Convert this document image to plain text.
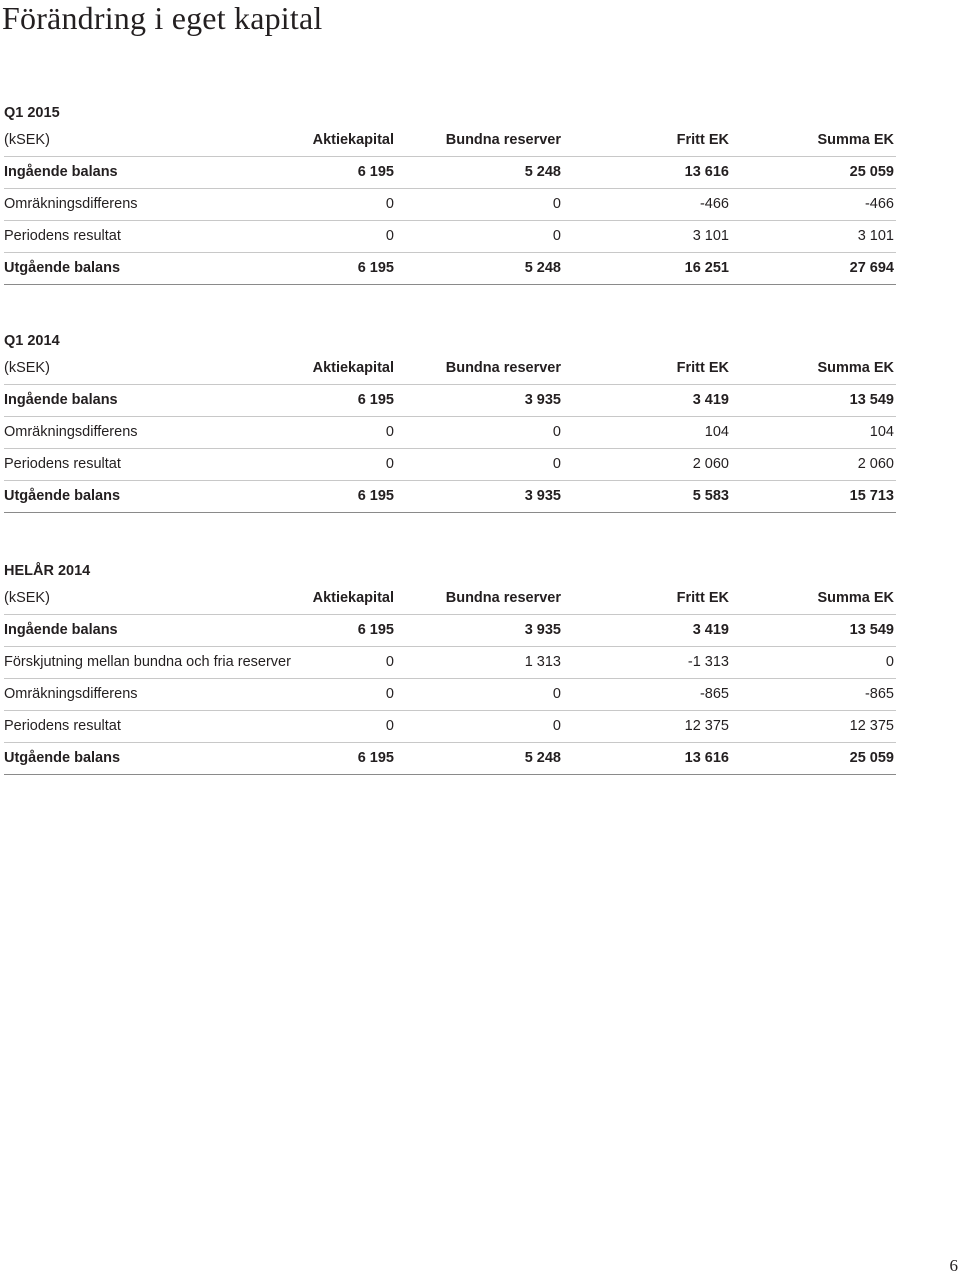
Förändring i eget kapital
Q1 2015
(kSEK)	Aktiekapital	Bundna reserver	Fritt EK	Summa EK
Ingående balans	6 195	5 248	13 616	25 059
Omräkningsdifferens	0	0	-466	-466
Periodens resultat	0	0	3 101	3 101
Utgående balans	6 195	5 248	16 251	27 694
Q1 2014
(kSEK)	Aktiekapital	Bundna reserver	Fritt EK	Summa EK
Ingående balans	6 195	3 935	3 419	13 549
Omräkningsdifferens	0	0	104	104
Periodens resultat	0	0	2 060	2 060
Utgående balans	6 195	3 935	5 583	15 713
HELÅR 2014
(kSEK)	Aktiekapital	Bundna reserver	Fritt EK	Summa EK
Ingående balans	6 195	3 935	3 419	13 549
Förskjutning mellan bundna och fria reserver	0	1 313	-1 313	0
Omräkningsdifferens	0	0	-865	-865
Periodens resultat	0	0	12 375	12 375
Utgående balans	6 195	5 248	13 616	25 059
6
